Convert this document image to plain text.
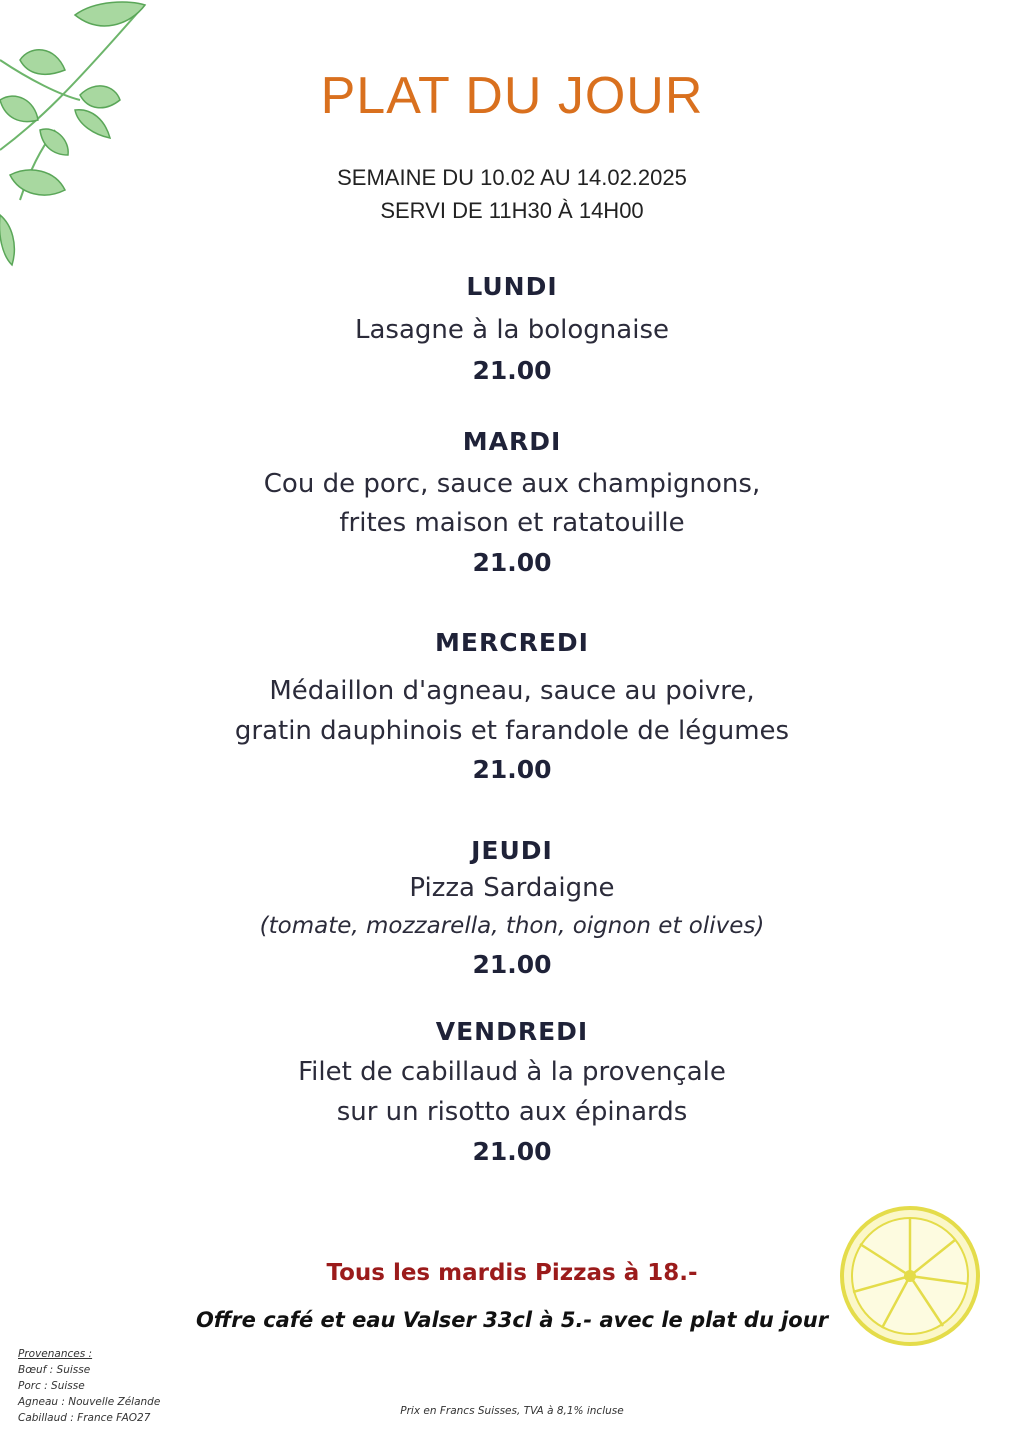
PLAT DU JOUR
SEMAINE DU 10.02 AU 14.02.2025
SERVI DE 11H30 À 14H00
LUNDI
Lasagne à la bolognaise
21.00
MARDI
Cou de porc, sauce aux champignons,
frites maison et ratatouille
21.00
MERCREDI
Médaillon d'agneau, sauce au poivre,
gratin dauphinois et farandole de légumes
21.00
JEUDI
Pizza Sardaigne
(tomate, mozzarella, thon, oignon et olives)
21.00
VENDREDI
Filet de cabillaud à la provençale
sur un risotto aux épinards
21.00
Tous les mardis Pizzas à 18.-
Offre café et eau Valser 33cl à 5.- avec le plat du jour
Provenances :
Bœuf : Suisse
Porc : Suisse
Agneau : Nouvelle Zélande
Cabillaud : France FAO27
Prix en Francs Suisses, TVA à 8,1% incluse
